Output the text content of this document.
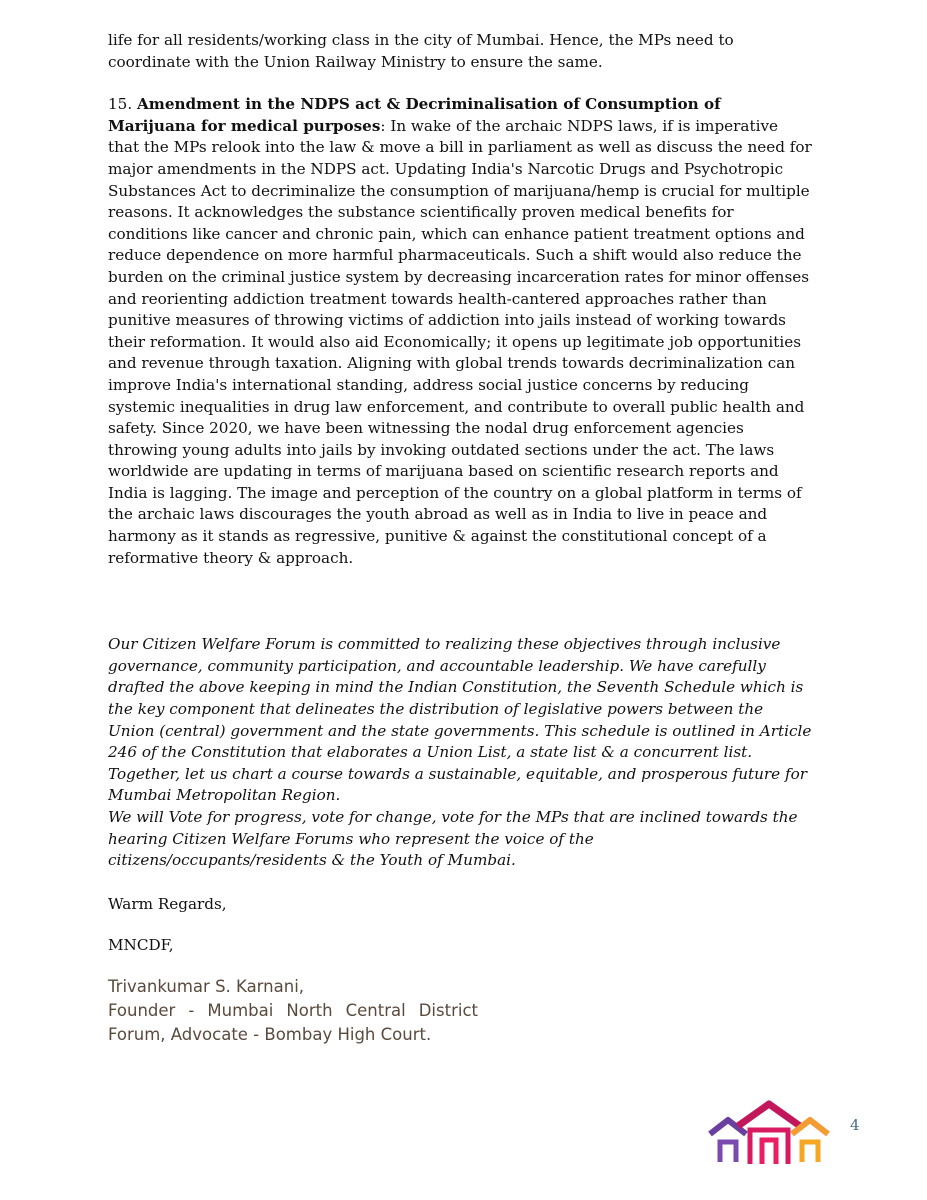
life for all residents/working class in the city of Mumbai. Hence, the MPs need to coordinate with the Union Railway Ministry to ensure the same.

15. Amendment in the NDPS act & Decriminalisation of Consumption of Marijuana for medical purposes: In wake of the archaic NDPS laws, if is imperative that the MPs relook into the law & move a bill in parliament as well as discuss the need for major amendments in the NDPS act. Updating India's Narcotic Drugs and Psychotropic Substances Act to decriminalize the consumption of marijuana/hemp is crucial for multiple reasons. It acknowledges the substance scientifically proven medical benefits for conditions like cancer and chronic pain, which can enhance patient treatment options and reduce dependence on more harmful pharmaceuticals. Such a shift would also reduce the burden on the criminal justice system by decreasing incarceration rates for minor offenses and reorienting addiction treatment towards health-cantered approaches rather than punitive measures of throwing victims of addiction into jails instead of working towards their reformation. It would also aid Economically; it opens up legitimate job opportunities and revenue through taxation. Aligning with global trends towards decriminalization can improve India's international standing, address social justice concerns by reducing systemic inequalities in drug law enforcement, and contribute to overall public health and safety. Since 2020, we have been witnessing the nodal drug enforcement agencies throwing young adults into jails by invoking outdated sections under the act. The laws worldwide are updating in terms of marijuana based on scientific research reports and India is lagging. The image and perception of the country on a global platform in terms of the archaic laws discourages the youth abroad as well as in India to live in peace and harmony as it stands as regressive, punitive & against the constitutional concept of a reformative theory & approach.

Our Citizen Welfare Forum is committed to realizing these objectives through inclusive governance, community participation, and accountable leadership. We have carefully drafted the above keeping in mind the Indian Constitution, the Seventh Schedule which is the key component that delineates the distribution of legislative powers between the Union (central) government and the state governments. This schedule is outlined in Article 246 of the Constitution that elaborates a Union List, a state list & a concurrent list. Together, let us chart a course towards a sustainable, equitable, and prosperous future for Mumbai Metropolitan Region.

We will Vote for progress, vote for change, vote for the MPs that are inclined towards the hearing Citizen Welfare Forums who represent the voice of the citizens/occupants/residents & the Youth of Mumbai.

Warm Regards,

MNCDF,

Trivankumar S. Karnani,

Founder - Mumbai North Central District
Forum, Advocate - Bombay High Court.
4
